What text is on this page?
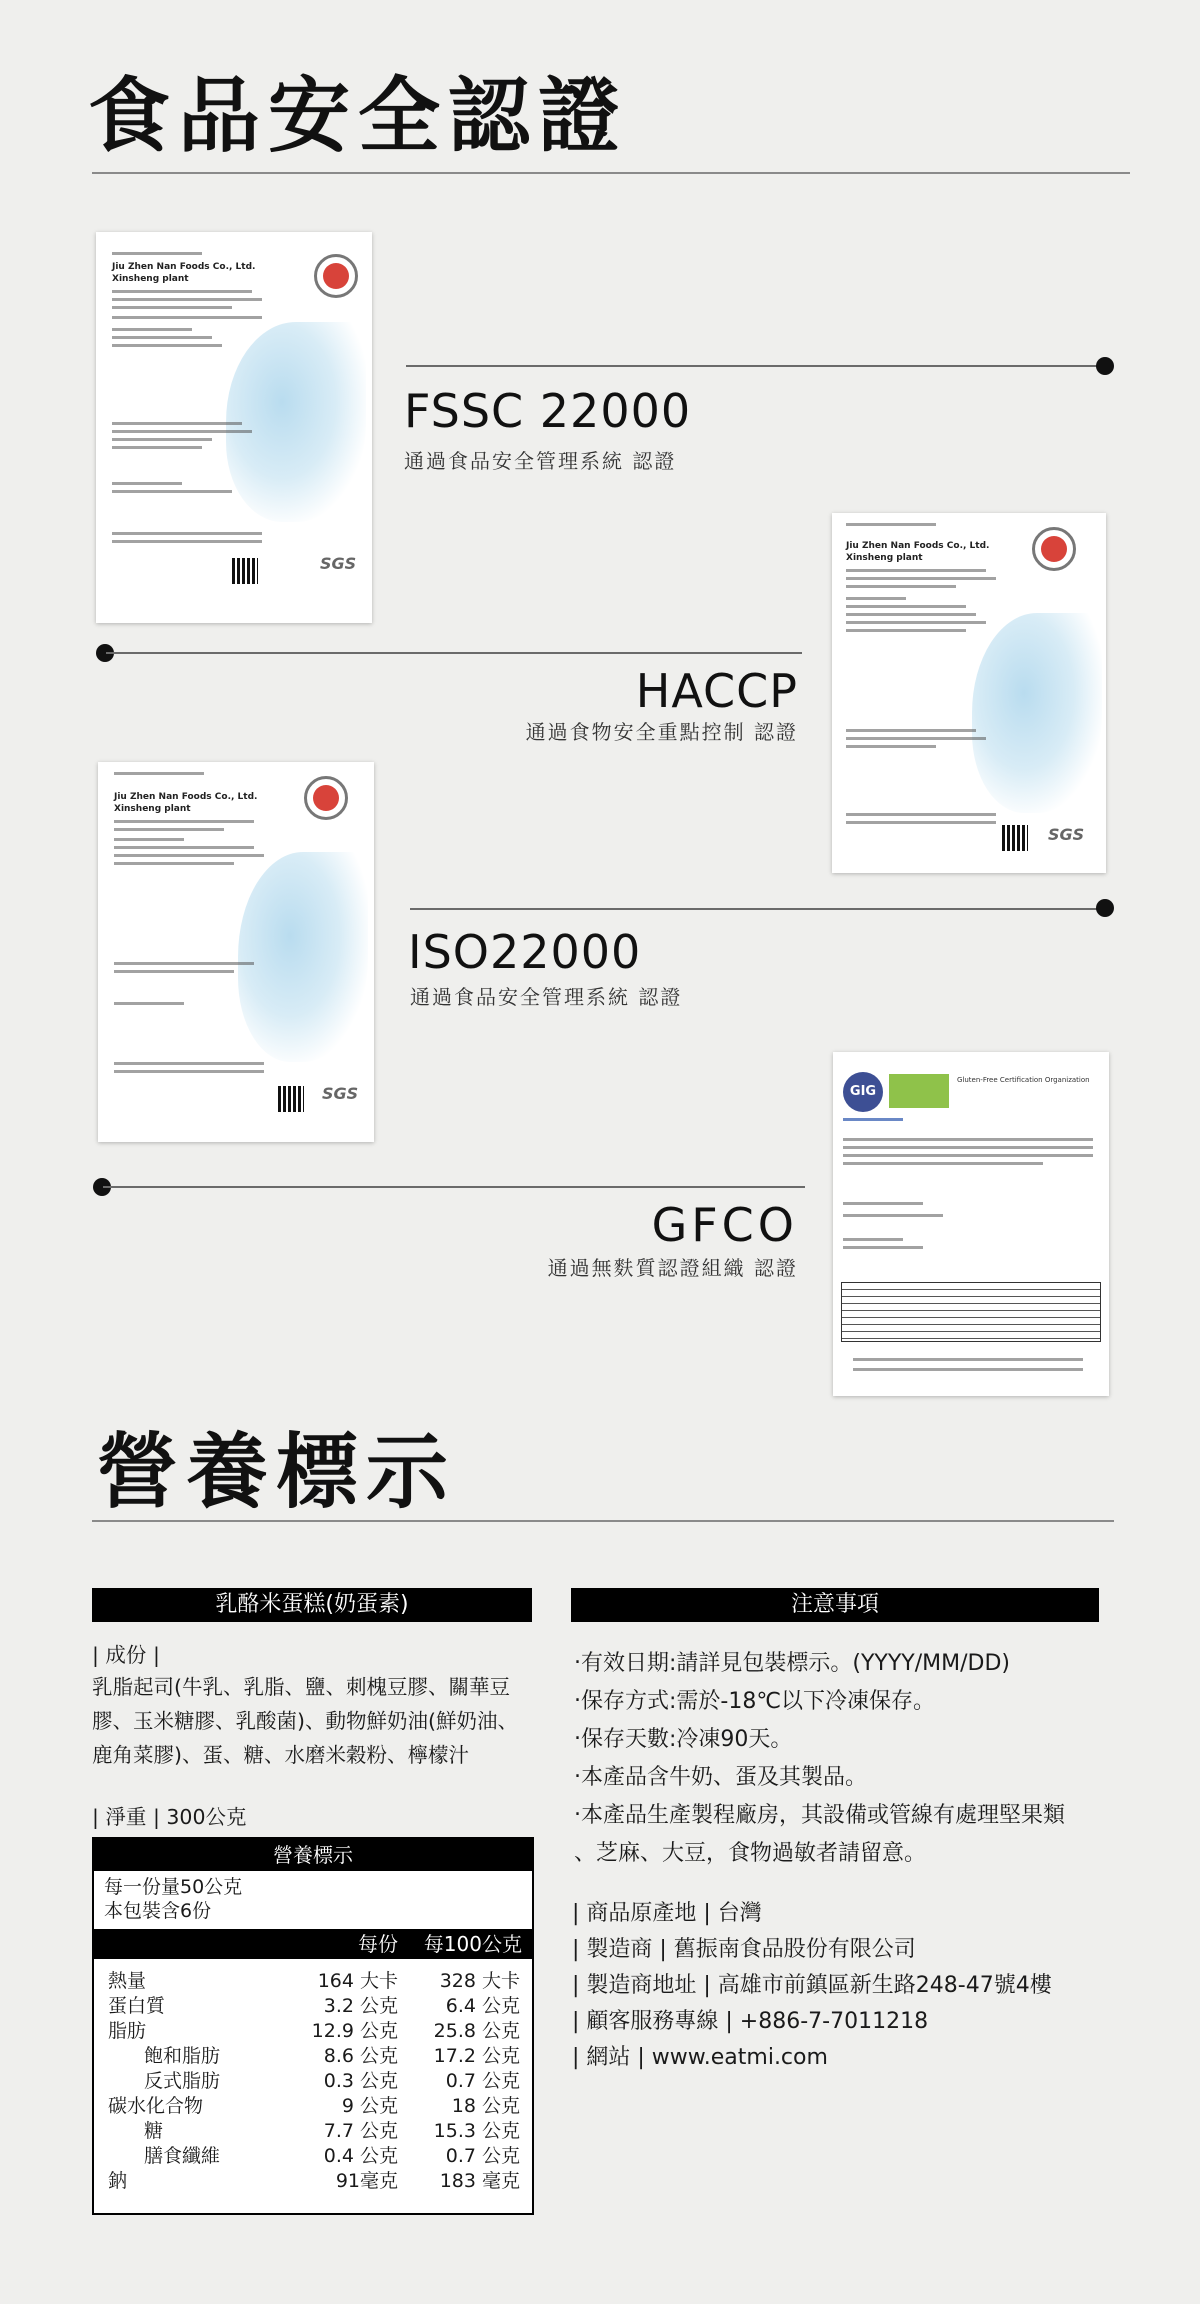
食品安全認證
Jiu Zhen Nan Foods Co., Ltd.
Xinsheng plant
SGS
FSSC 22000
通過食品安全管理系統 認證
Jiu Zhen Nan Foods Co., Ltd.
Xinsheng plant
SGS
HACCP
通過食物安全重點控制 認證
Jiu Zhen Nan Foods Co., Ltd.
Xinsheng plant
SGS
ISO22000
通過食品安全管理系統 認證
GIG
Gluten-Free Certification Organization
GFCO
通過無麩質認證組織 認證
營養標示
乳酪米蛋糕(奶蛋素)
| 成份 |
乳脂起司(牛乳、乳脂、鹽、刺槐豆膠、關華豆膠、玉米糖膠、乳酸菌)、動物鮮奶油(鮮奶油、鹿角菜膠)、蛋、糖、水磨米穀粉、檸檬汁
| 淨重 | 300公克
營養標示
每一份量50公克
本包裝含6份
每份	每100公克
熱量	164 大卡	328 大卡
蛋白質	3.2 公克	6.4 公克
脂肪	12.9 公克	25.8 公克
飽和脂肪	8.6 公克	17.2 公克
反式脂肪	0.3 公克	0.7 公克
碳水化合物	9 公克	18 公克
糖	7.7 公克	15.3 公克
膳食纖維	0.4 公克	0.7 公克
鈉	91毫克	183 毫克
注意事項
‧有效日期:請詳見包裝標示。(YYYY/MM/DD)
‧保存方式:需於-18℃以下冷凍保存。
‧保存天數:冷凍90天。
‧本產品含牛奶、蛋及其製品。
‧本產品生產製程廠房，其設備或管線有處理堅果類
、芝麻、大豆，食物過敏者請留意。
| 商品原產地 | 台灣
| 製造商 | 舊振南食品股份有限公司
| 製造商地址 | 高雄市前鎮區新生路248-47號4樓
| 顧客服務專線 | +886-7-7011218
| 網站 | www.eatmi.com
